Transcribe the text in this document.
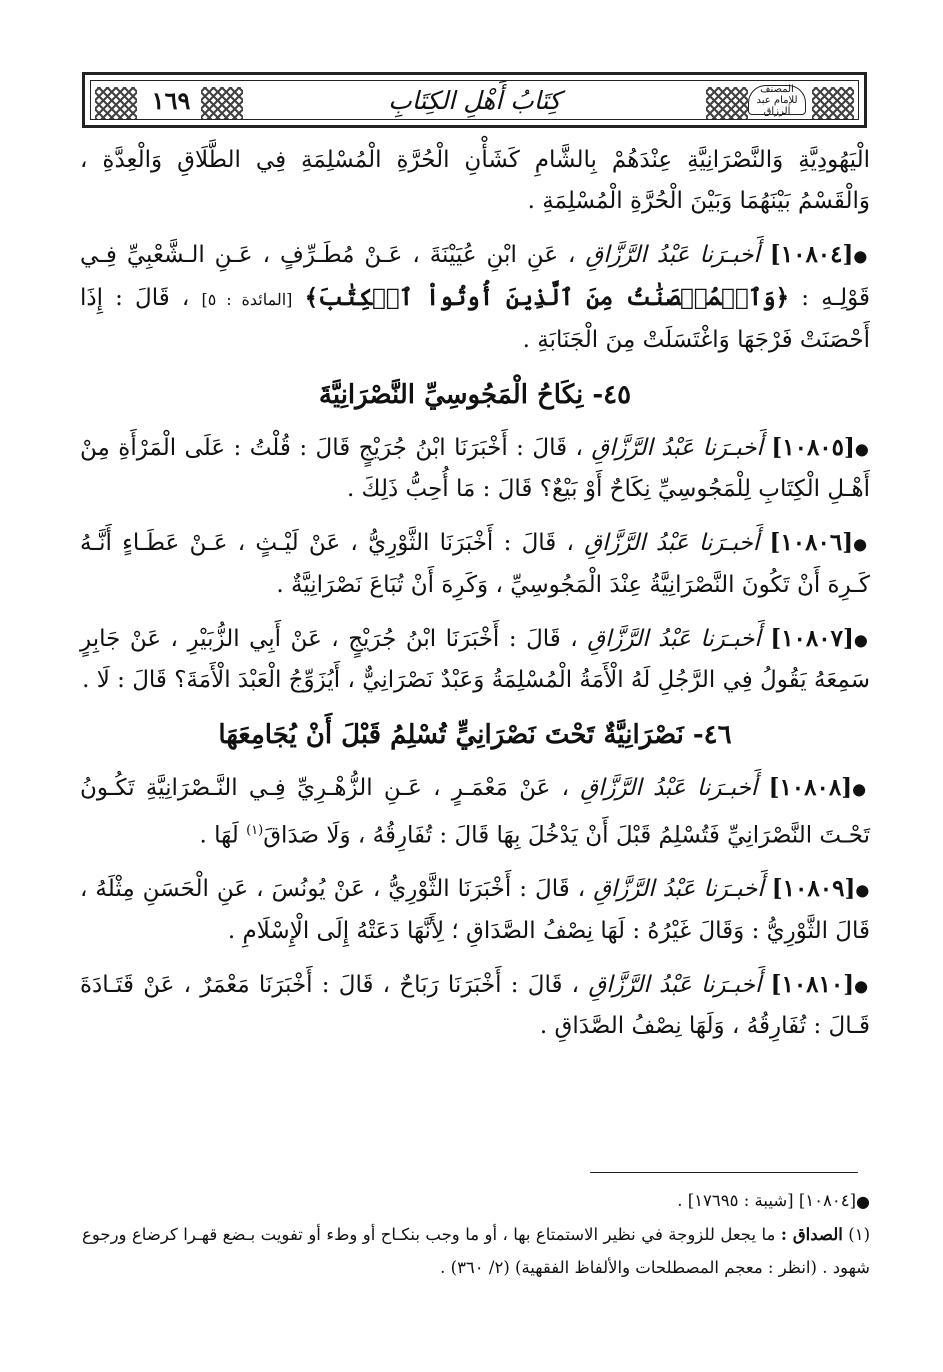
١٦٩	كِتَابُ أَهْلِ الكِتَابِ	المصنف للإمام عبد الرزاق

الْيَهُودِيَّةِ وَالنَّصْرَانِيَّةِ عِنْدَهُمْ بِالشَّامِ كَشَأْنِ الْحُرَّةِ الْمُسْلِمَةِ فِي الطَّلَاقِ وَالْعِدَّةِ ، وَالْقَسْمُ بَيْنَهُمَا وَبَيْنَ الْحُرَّةِ الْمُسْلِمَةِ .

●[١٠٨٠٤] أَخبـرَنا عَبْدُ الرَّزَّاقِ ، عَنِ ابْنِ عُيَيْنَةَ ، عَـنْ مُطَـرِّفٍ ، عَـنِ الـشَّعْبِيِّ فِـي قَوْلِـهِ : ﴿وَٱلۡمُحۡصَنَٰتُ مِنَ ٱلَّذِينَ أُوتُواْ ٱلۡكِتَٰبَ﴾ [المائدة : ٥] ، قَالَ : إِذَا أَحْصَنَتْ فَرْجَهَا وَاغْتَسَلَتْ مِنَ الْجَنَابَةِ .

٤٥- نِكَاحُ الْمَجُوسِيِّ النَّصْرَانِيَّةَ

●[١٠٨٠٥] أَخبـرَنا عَبْدُ الرَّزَّاقِ ، قَالَ : أَخْبَرَنَا ابْنُ جُرَيْجٍ قَالَ : قُلْتُ : عَلَى الْمَرْأَةِ مِنْ أَهْـلِ الْكِتَابِ لِلْمَجُوسِيِّ نِكَاحٌ أَوْ بَيْعٌ؟ قَالَ : مَا أُحِبُّ ذَلِكَ .

●[١٠٨٠٦] أَخبـرَنا عَبْدُ الرَّزَّاقِ ، قَالَ : أَخْبَرَنَا الثَّوْرِيُّ ، عَنْ لَيْـثٍ ، عَـنْ عَطَـاءٍ أَنَّـهُ كَـرِهَ أَنْ تَكُونَ النَّصْرَانِيَّةُ عِنْدَ الْمَجُوسِيِّ ، وَكَرِهَ أَنْ تُبَاعَ نَصْرَانِيَّةٌ .

●[١٠٨٠٧] أَخبـرَنا عَبْدُ الرَّزَّاقِ ، قَالَ : أَخْبَرَنَا ابْنُ جُرَيْجٍ ، عَنْ أَبِي الزُّبَيْرِ ، عَنْ جَابِرٍ سَمِعَهُ يَقُولُ فِي الرَّجُلِ لَهُ الْأَمَةُ الْمُسْلِمَةُ وَعَبْدٌ نَصْرَانِيٌّ ، أَيُزَوِّجُ الْعَبْدَ الْأَمَةَ؟ قَالَ : لَا .

٤٦- نَصْرَانِيَّةٌ تَحْتَ نَصْرَانِيٍّ تُسْلِمُ قَبْلَ أَنْ يُجَامِعَهَا

●[١٠٨٠٨] أَخبـرَنا عَبْدُ الرَّزَّاقِ ، عَنْ مَعْمَـرٍ ، عَـنِ الزُّهْـرِيِّ فِـي النَّـصْرَانِيَّةِ تَكُـونُ تَحْـتَ النَّصْرَانِيِّ فَتُسْلِمُ قَبْلَ أَنْ يَدْخُلَ بِهَا قَالَ : تُفَارِقُهُ ، وَلَا صَدَاقَ$^{(١)}$ لَهَا .

●[١٠٨٠٩] أَخبـرَنا عَبْدُ الرَّزَّاقِ ، قَالَ : أَخْبَرَنَا الثَّوْرِيُّ ، عَنْ يُونُسَ ، عَنِ الْحَسَنِ مِثْلَهُ ، قَالَ الثَّوْرِيُّ : وَقَالَ غَيْرُهُ : لَهَا نِصْفُ الصَّدَاقِ ؛ لِأَنَّهَا دَعَتْهُ إِلَى الْإِسْلَامِ .

●[١٠٨١٠] أَخبـرَنا عَبْدُ الرَّزَّاقِ ، قَالَ : أَخْبَرَنَا رَبَاحٌ ، قَالَ : أَخْبَرَنَا مَعْمَرٌ ، عَنْ قَتَـادَةَ قَـالَ : تُفَارِقُهُ ، وَلَهَا نِصْفُ الصَّدَاقِ .

●[١٠٨٠٤] [شيبة : ١٧٦٩٥] .

(١) الصداق : ما يجعل للزوجة في نظير الاستمتاع بها ، أو ما وجب بنكـاح أو وطء أو تفويت بـضع قهـرا كرضاع ورجوع شهود . (انظر : معجم المصطلحات والألفاظ الفقهية) (٢/ ٣٦٠) .
